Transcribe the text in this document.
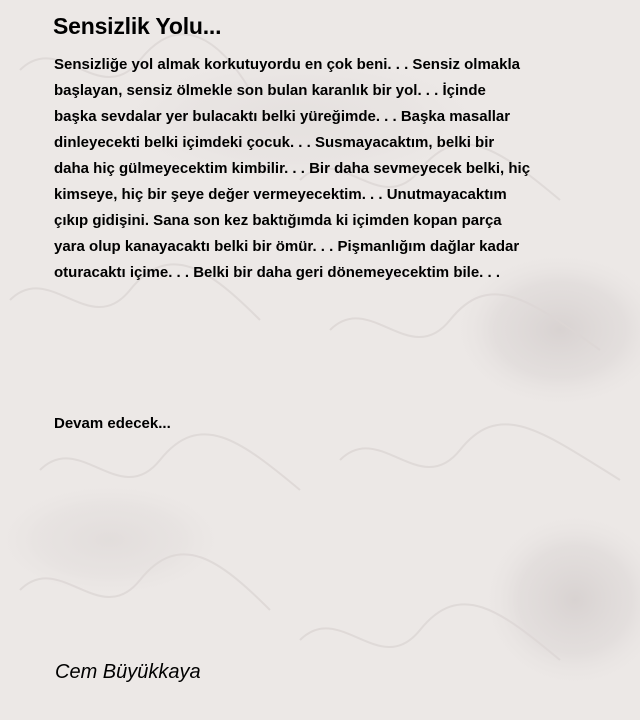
Sensizlik Yolu...
Sensizliğe yol almak korkutuyordu en çok beni. . . Sensiz olmakla
başlayan, sensiz ölmekle son bulan karanlık bir yol. . . İçinde
başka sevdalar yer bulacaktı belki yüreğimde. . . Başka masallar
dinleyecekti belki içimdeki çocuk. . . Susmayacaktım, belki bir
daha hiç gülmeyecektim kimbilir. . . Bir daha sevmeyecek belki, hiç
kimseye, hiç bir şeye değer vermeyecektim. . . Unutmayacaktım
çıkıp gidişini. Sana son kez baktığımda ki içimden kopan parça
yara olup kanayacaktı belki bir ömür. . . Pişmanlığım dağlar kadar
oturacaktı içime. . . Belki bir daha geri dönemeyecektim bile. . .

Devam edecek...

Cem Büyükkaya
